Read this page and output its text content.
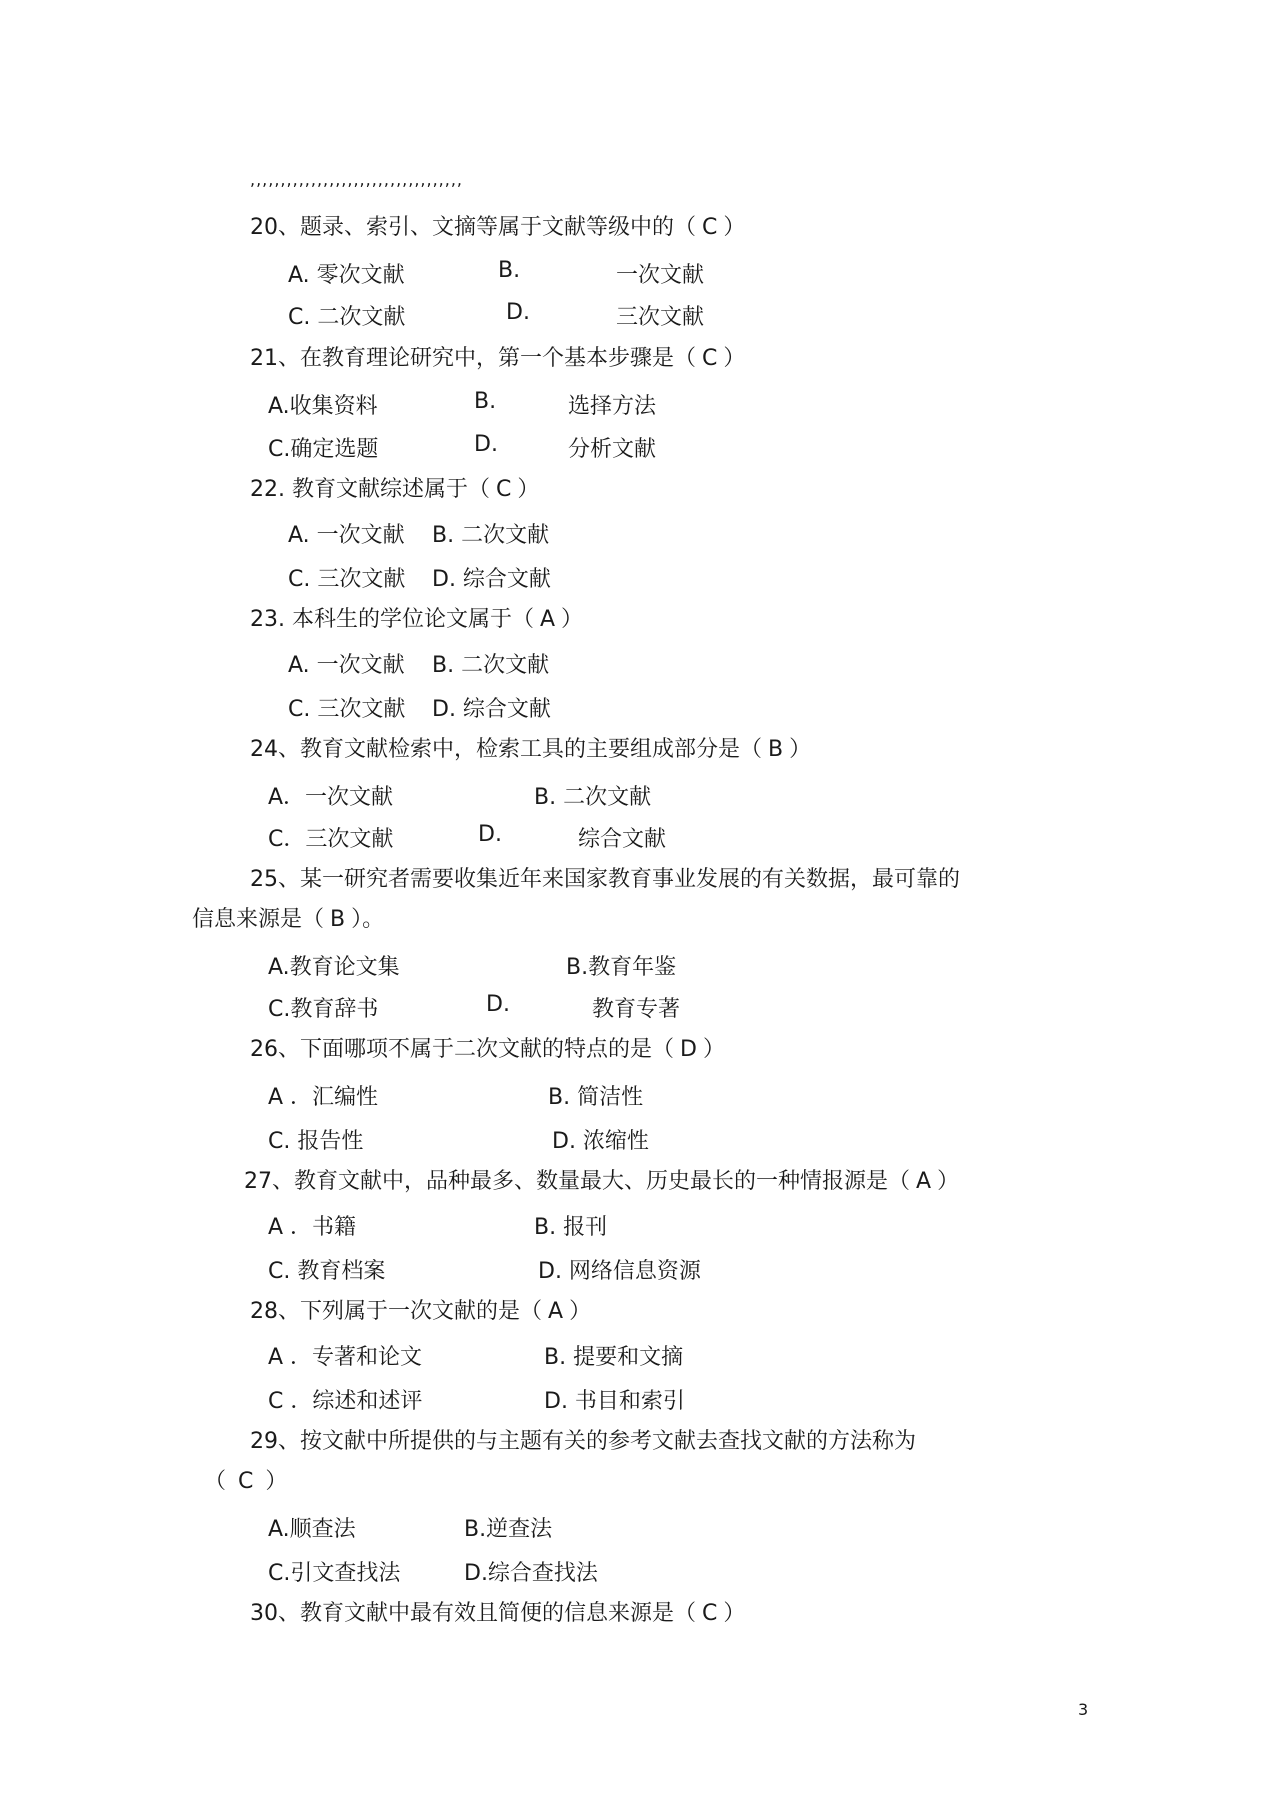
,,,,,,,,,,,,,,,,,,,,,,,,,,,,,,,,,,,
20、题录、索引、文摘等属于文献等级中的（ C ）
A. 零次文献	B.	一次文献
C. 二次文献	D.	三次文献
21、在教育理论研究中，第一个基本步骤是（ C ）
A.收集资料	B.	选择方法
C.确定选题	D.	分析文献
22. 教育文献综述属于（ C ）
A. 一次文献 B. 二次文献
C. 三次文献 D. 综合文献
23. 本科生的学位论文属于（ A ）
A. 一次文献 B. 二次文献
C. 三次文献 D. 综合文献
24、教育文献检索中，检索工具的主要组成部分是（ B ）
A．一次文献	B. 二次文献
C．三次文献	D.	综合文献
25、某一研究者需要收集近年来国家教育事业发展的有关数据，最可靠的
信息来源是（ B ）。
A.教育论文集	B.教育年鉴
C.教育辞书	D.	教育专著
26、下面哪项不属于二次文献的特点的是（ D ）
A ．汇编性	B. 简洁性
C. 报告性	D. 浓缩性
27、教育文献中，品种最多、数量最大、历史最长的一种情报源是（ A ）
A ．书籍	B. 报刊
C. 教育档案	D. 网络信息资源
28、下列属于一次文献的是（ A ）
A ．专著和论文	B. 提要和文摘
C ．综述和述评	D. 书目和索引
29、按文献中所提供的与主题有关的参考文献去查找文献的方法称为
（ C ）
A.顺查法	B.逆查法
C.引文查找法	D.综合查找法
30、教育文献中最有效且简便的信息来源是（ C ）
3
